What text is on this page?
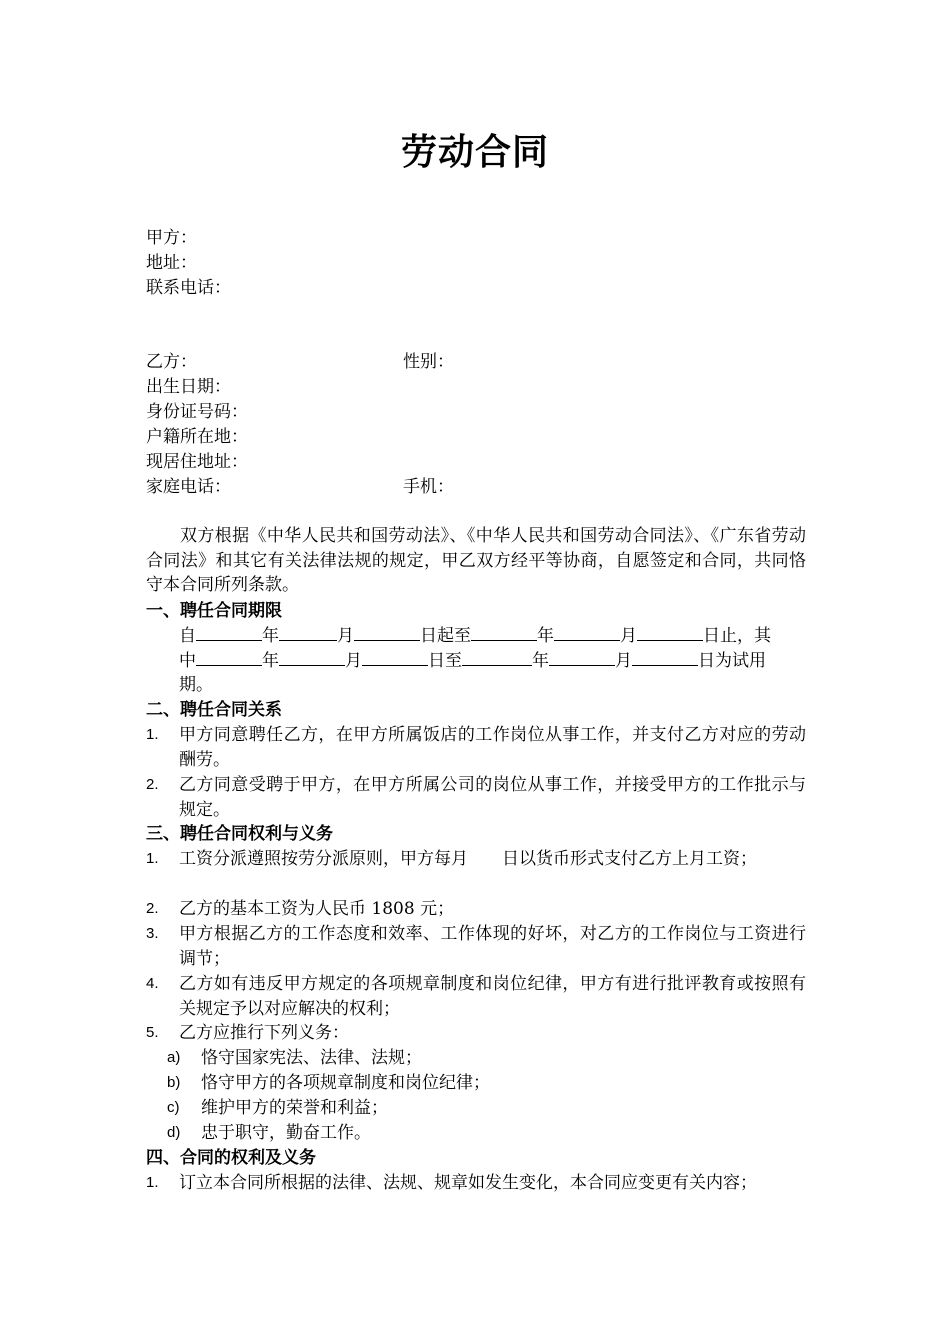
劳动合同
甲方：
地址：
联系电话：
乙方：	性别：
出生日期：
身份证号码：
户籍所在地：
现居住地址：
家庭电话：	手机：
双方根据《中华人民共和国劳动法》、《中华人民共和国劳动合同法》、《广东省劳动合同法》和其它有关法律法规的规定，甲乙双方经平等协商，自愿签定和合同，共同恪守本合同所列条款。
一、聘任合同期限
自	年	月	日起至	年	月	日止，其
中	年	月	日至	年	月	日为试用
期。
二、聘任合同关系
1.	甲方同意聘任乙方，在甲方所属饭店的工作岗位从事工作，并支付乙方对应的劳动酬劳。
2.	乙方同意受聘于甲方，在甲方所属公司的岗位从事工作，并接受甲方的工作批示与规定。
三、聘任合同权利与义务
1.	工资分派遵照按劳分派原则，甲方每月　　日以货币形式支付乙方上月工资；
2.	乙方的基本工资为人民币 1808 元；
3.	甲方根据乙方的工作态度和效率、工作体现的好坏，对乙方的工作岗位与工资进行调节；
4.	乙方如有违反甲方规定的各项规章制度和岗位纪律，甲方有进行批评教育或按照有关规定予以对应解决的权利；
5.	乙方应推行下列义务：
a)	恪守国家宪法、法律、法规；
b)	恪守甲方的各项规章制度和岗位纪律；
c)	维护甲方的荣誉和利益；
d)	忠于职守，勤奋工作。
四、合同的权利及义务
1.	订立本合同所根据的法律、法规、规章如发生变化，本合同应变更有关内容；
